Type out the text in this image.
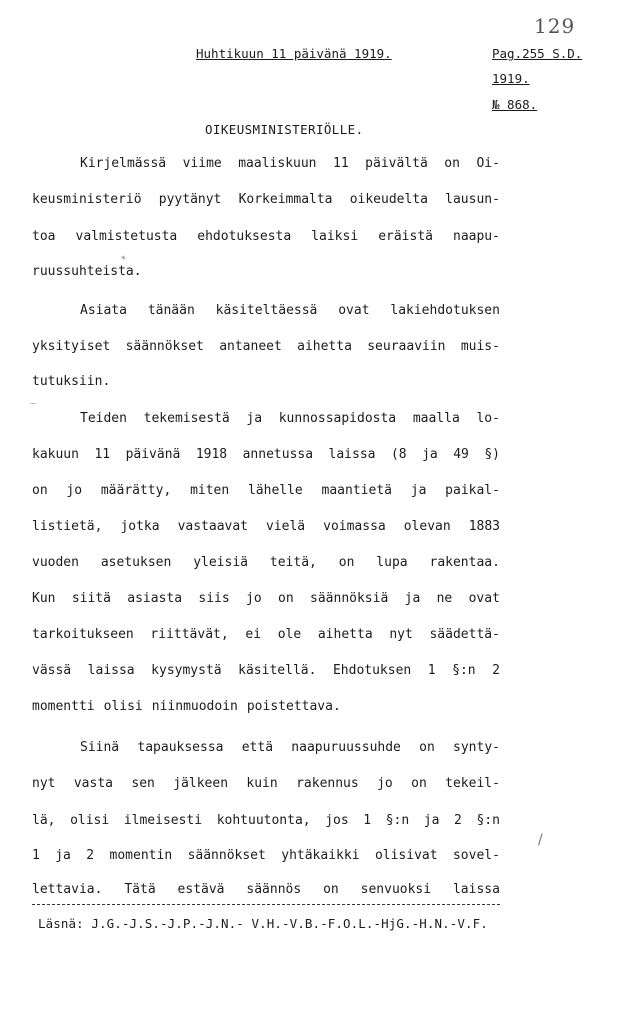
129
Huhtikuun 11 päivänä 1919.	Pag.255 S.D.
1919.
№ 868.
OIKEUSMINISTERIÖLLE.
Kirjelmässä viime maaliskuun 11 päivältä on Oi-
keusministeriö pyytänyt Korkeimmalta oikeudelta lausun-
toa valmistetusta ehdotuksesta laiksi eräistä naapu-
ruussuhteista.
Asiata tänään käsiteltäessä ovat lakiehdotuksen
yksityiset säännökset antaneet aihetta seuraaviin muis-
tutuksiin.
Teiden tekemisestä ja kunnossapidosta maalla lo-
kakuun 11 päivänä 1918 annetussa laissa (8 ja 49 §)
on jo määrätty, miten lähelle maantietä ja paikal-
listietä, jotka vastaavat vielä voimassa olevan 1883
vuoden asetuksen yleisiä teitä, on lupa rakentaa.
Kun siitä asiasta siis jo on säännöksiä ja ne ovat
tarkoitukseen riittävät, ei ole aihetta nyt säädettä-
vässä laissa kysymystä käsitellä. Ehdotuksen 1 §:n 2
momentti olisi niinmuodoin poistettava.
Siinä tapauksessa että naapuruussuhde on synty-
nyt vasta sen jälkeen kuin rakennus jo on tekeil-
lä, olisi ilmeisesti kohtuutonta, jos 1 §:n ja 2 §:n
1 ja 2 momentin säännökset yhtäkaikki olisivat sovel-
lettavia. Tätä estävä säännös on senvuoksi laissa
Läsnä: J.G.-J.S.-J.P.-J.N.- V.H.-V.B.-F.O.L.-HjG.-H.N.-V.F.
⁻
/
*
